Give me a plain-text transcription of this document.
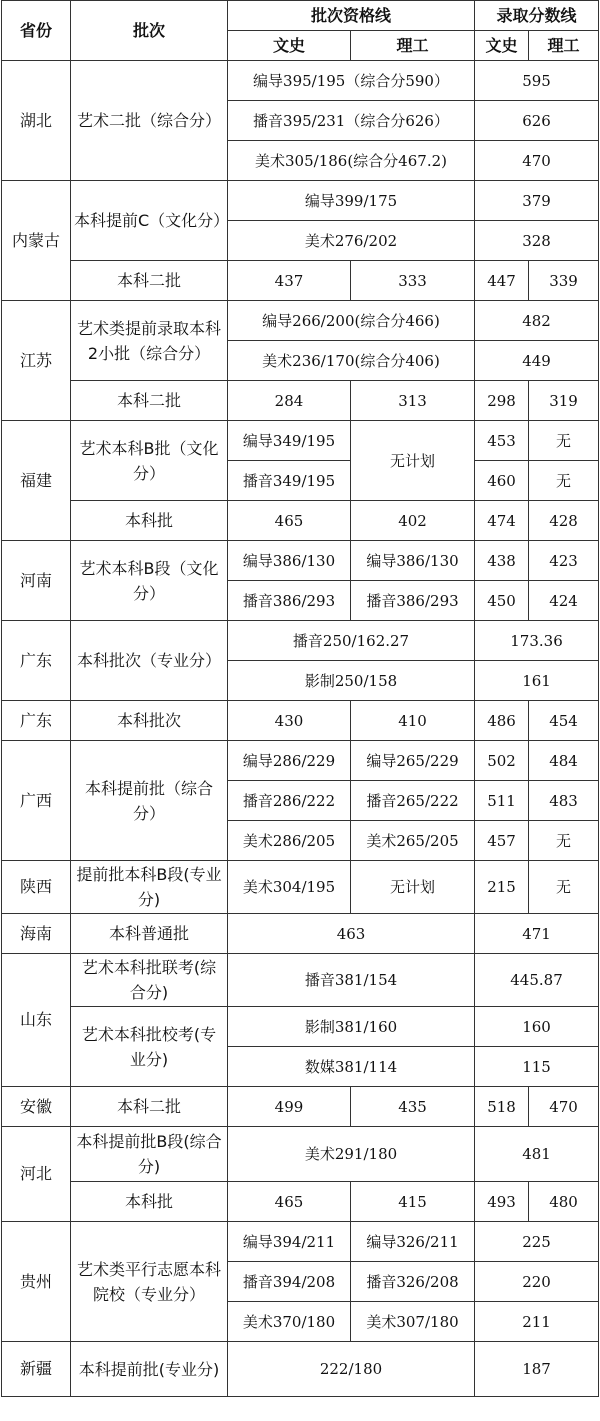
省份	批次	批次资格线		录取分数线	
		文史	理工	文史	理工
湖北	艺术二批（综合分）	编导395/195（综合分590）		595	
		播音395/231（综合分626）		626	
		美术305/186(综合分467.2)		470	
内蒙古	本科提前C（文化分）	编导399/175		379	
		美术276/202		328	
	本科二批	437	333	447	339
江苏	艺术类提前录取本科2小批（综合分）	编导266/200(综合分466)		482	
		美术236/170(综合分406)		449	
	本科二批	284	313	298	319
福建	艺术本科B批（文化分）	编导349/195	无计划	453	无
		播音349/195		460	无
	本科批	465	402	474	428
河南	艺术本科B段（文化分）	编导386/130	编导386/130	438	423
		播音386/293	播音386/293	450	424
广东	本科批次（专业分）	播音250/162.27		173.36	
		影制250/158		161	
广东	本科批次	430	410	486	454
广西	本科提前批（综合分）	编导286/229	编导265/229	502	484
		播音286/222	播音265/222	511	483
		美术286/205	美术265/205	457	无
陕西	提前批本科B段(专业分)	美术304/195	无计划	215	无
海南	本科普通批	463		471	
山东	艺术本科批联考(综合分)	播音381/154		445.87	
	艺术本科批校考(专业分)	影制381/160		160	
		数媒381/114		115	
安徽	本科二批	499	435	518	470
河北	本科提前批B段(综合分)	美术291/180		481	
	本科批	465	415	493	480
贵州	艺术类平行志愿本科院校（专业分）	编导394/211	编导326/211	225	
		播音394/208	播音326/208	220	
		美术370/180	美术307/180	211	
新疆	本科提前批(专业分)	222/180		187	
